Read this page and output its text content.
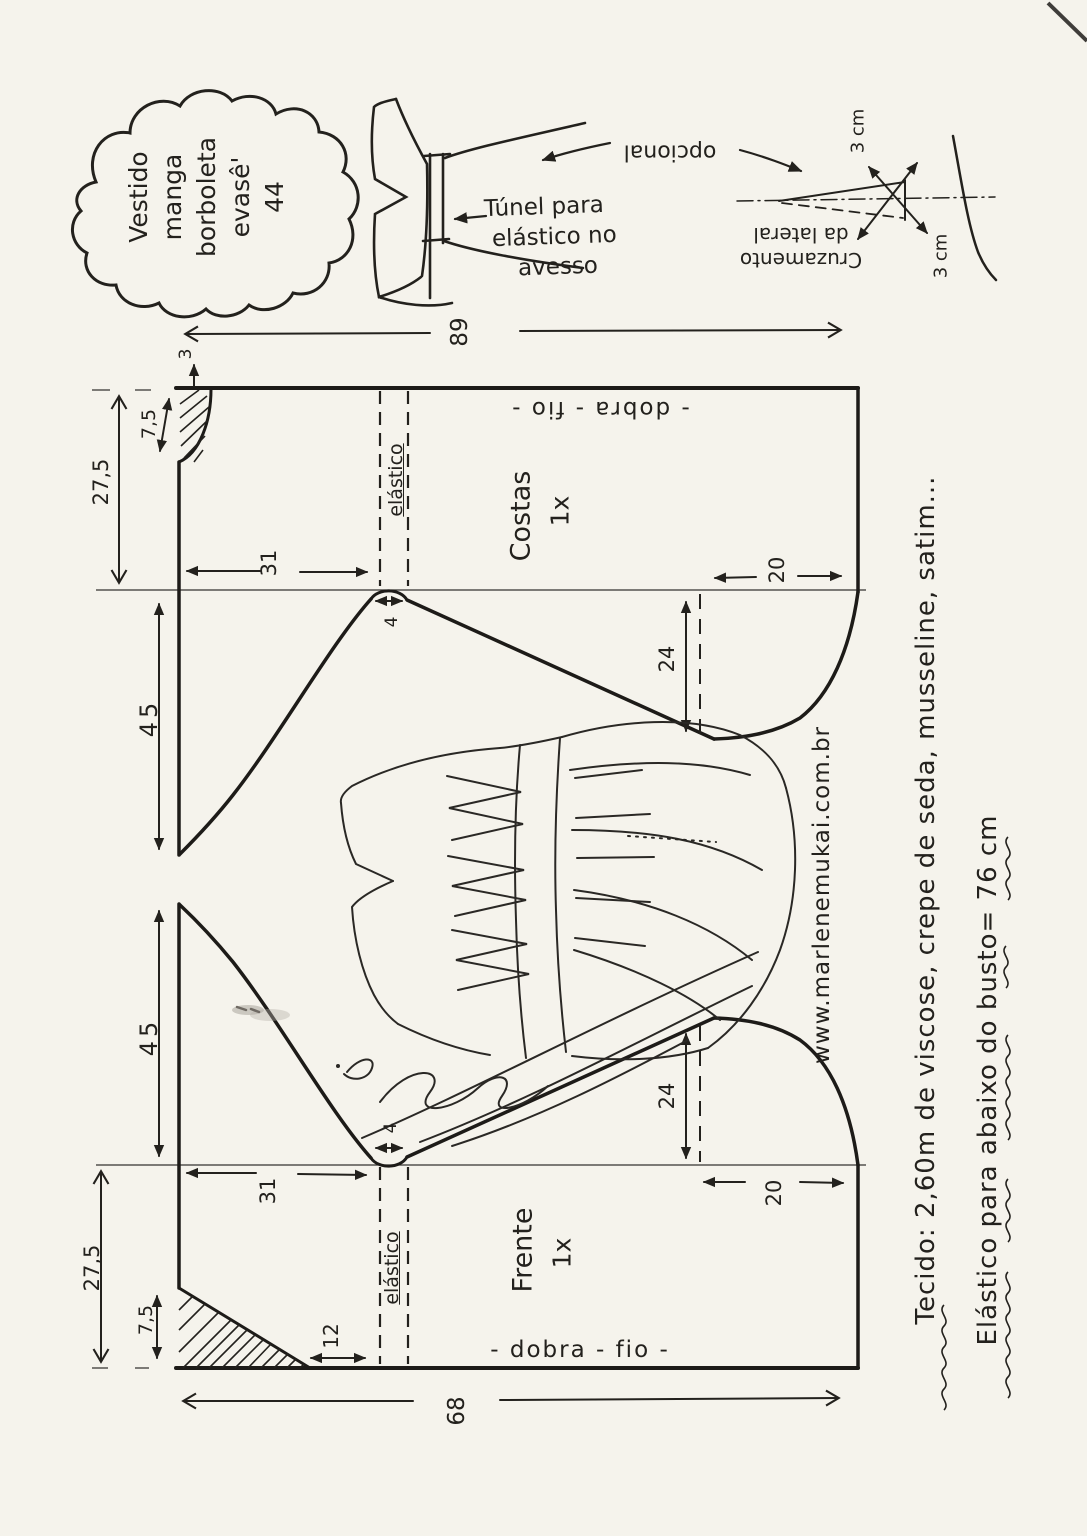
Vestido manga borboleta evasê' 44	Túnel para
elástico no
avesso
opcional
Cruzamento
da lateral
3 cm
3 cm
89
- dobra - fio -
27,5
7,5
3
31
elástico	Costas 1x
45
4
24
20
27,5
7,5
12
31
elástico	Frente 1x
45
4
24
20
- dobra - fio -
68
www.marlenemukai.com.br	Tecido: 2,60m de viscose, crepe de seda, musseline, satim... Elástico para abaixo do busto= 76 cm
